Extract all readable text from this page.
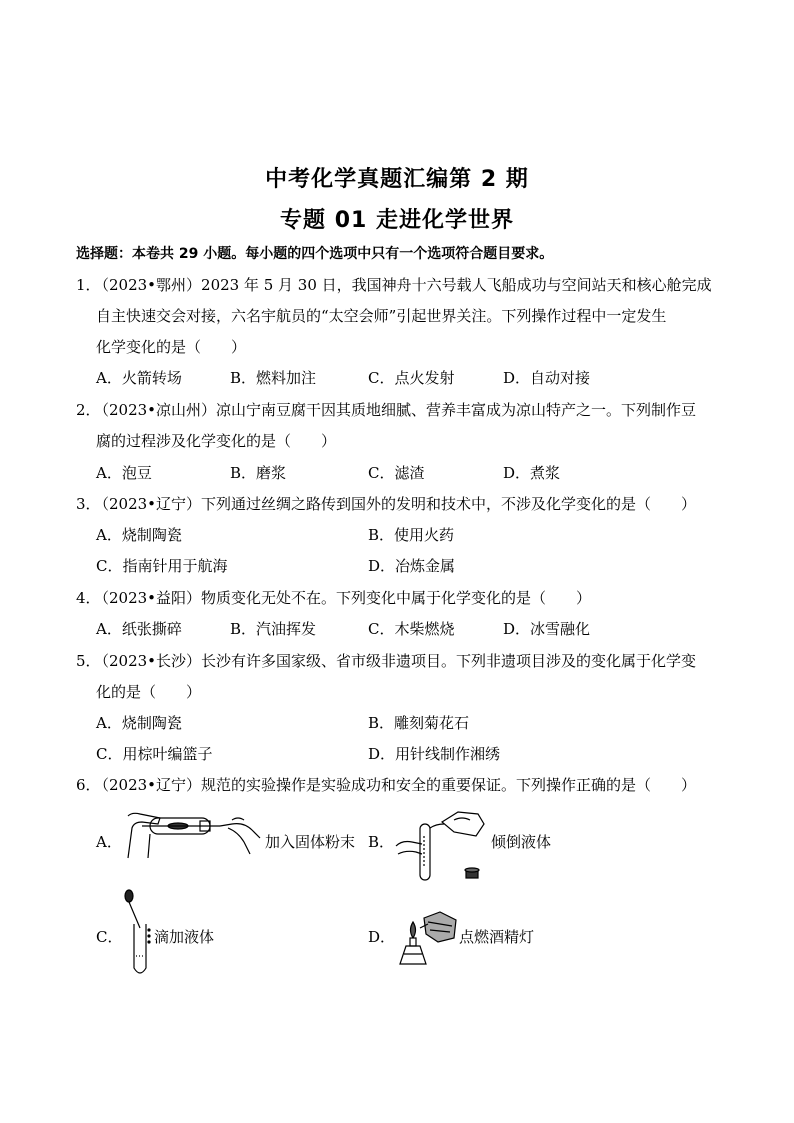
中考化学真题汇编第 2 期
专题 01 走进化学世界
选择题：本卷共 29 小题。每小题的四个选项中只有一个选项符合题目要求。
1．
（2023•鄂州）2023 年 5 月 30 日，我国神舟十六号载人飞船成功与空间站天和核心舱完成
自主快速交会对接，六名宇航员的“太空会师”引起世界关注。下列操作过程中一定发生
化学变化的是（　　）
A．火箭转场	B．燃料加注	C．点火发射	D．自动对接
2．
（2023•凉山州）凉山宁南豆腐干因其质地细腻、营养丰富成为凉山特产之一。下列制作豆
腐的过程涉及化学变化的是（　　）
A．泡豆	B．磨浆	C．滤渣	D．煮浆
3．
（2023•辽宁）下列通过丝绸之路传到国外的发明和技术中，不涉及化学变化的是（　　）
A．烧制陶瓷	B．使用火药
C．指南针用于航海	D．冶炼金属
4．
（2023•益阳）物质变化无处不在。下列变化中属于化学变化的是（　　）
A．纸张撕碎	B．汽油挥发	C．木柴燃烧	D．冰雪融化
5．
（2023•长沙）长沙有许多国家级、省市级非遗项目。下列非遗项目涉及的变化属于化学变
化的是（　　）
A．烧制陶瓷	B．雕刻菊花石
C．用棕叶编篮子	D．用针线制作湘绣
6．
（2023•辽宁）规范的实验操作是实验成功和安全的重要保证。下列操作正确的是（　　）
A．	加入固体粉末 B．	倾倒液体
C． 滴加液体	D．	点燃酒精灯
